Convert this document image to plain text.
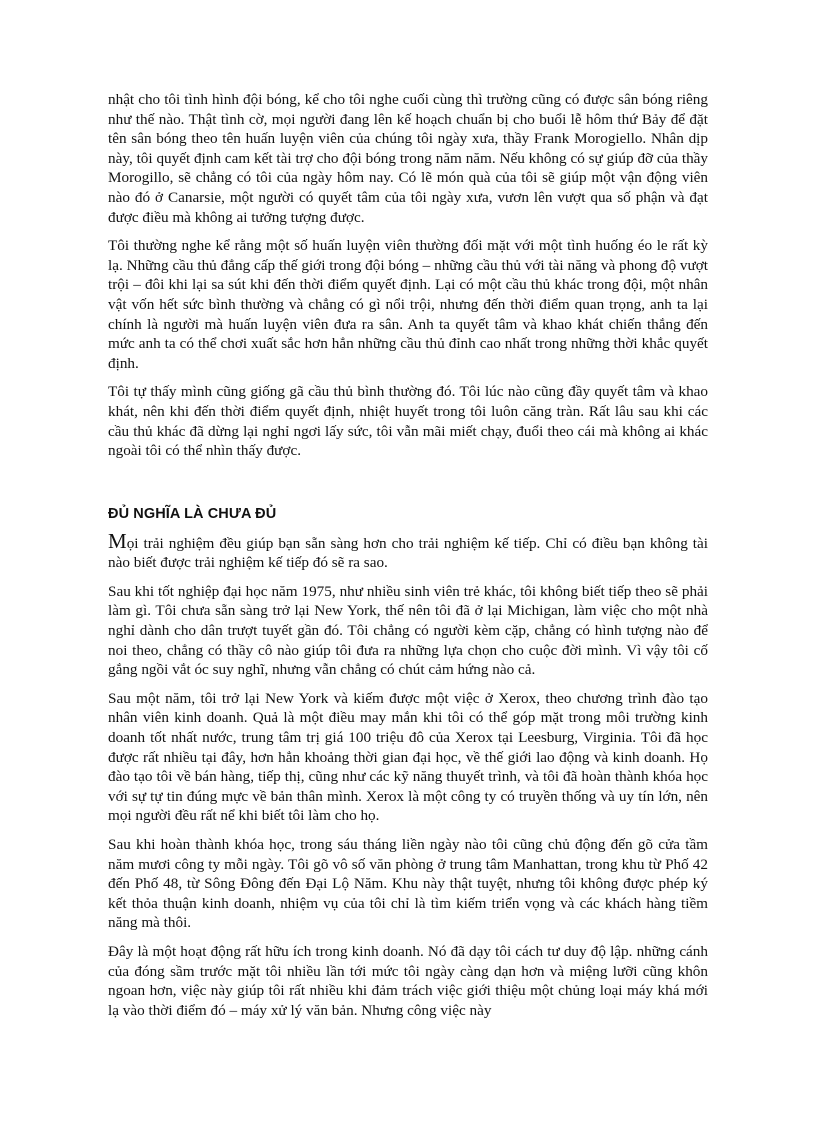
nhật cho tôi tình hình đội bóng, kể cho tôi nghe cuối cùng thì trường cũng có được sân bóng riêng như thế nào. Thật tình cờ, mọi người đang lên kế hoạch chuẩn bị cho buổi lễ hôm thứ Bảy để đặt tên sân bóng theo tên huấn luyện viên của chúng tôi ngày xưa, thầy Frank Morogiello. Nhân dịp này, tôi quyết định cam kết tài trợ cho đội bóng trong năm năm. Nếu không có sự giúp đỡ của thầy Morogillo, sẽ chẳng có tôi của ngày hôm nay. Có lẽ món quà của tôi sẽ giúp một vận động viên nào đó ở Canarsie, một người có quyết tâm của tôi ngày xưa, vươn lên vượt qua số phận và đạt được điều mà không ai tưởng tượng được.

Tôi thường nghe kể rằng một số huấn luyện viên thường đối mặt với một tình huống éo le rất kỳ lạ. Những cầu thủ đẳng cấp thế giới trong đội bóng – những cầu thủ với tài năng và phong độ vượt trội – đôi khi lại sa sút khi đến thời điểm quyết định. Lại có một cầu thủ khác trong đội, một nhân vật vốn hết sức bình thường và chẳng có gì nổi trội, nhưng đến thời điểm quan trọng, anh ta lại chính là người mà huấn luyện viên đưa ra sân. Anh ta quyết tâm và khao khát chiến thắng đến mức anh ta có thể chơi xuất sắc hơn hẳn những cầu thủ đỉnh cao nhất trong những thời khắc quyết định.

Tôi tự thấy mình cũng giống gã cầu thủ bình thường đó. Tôi lúc nào cũng đầy quyết tâm và khao khát, nên khi đến thời điểm quyết định, nhiệt huyết trong tôi luôn căng tràn. Rất lâu sau khi các cầu thủ khác đã dừng lại nghỉ ngơi lấy sức, tôi vẫn mãi miết chạy, đuổi theo cái mà không ai khác ngoài tôi có thể nhìn thấy được.

ĐỦ NGHĨA LÀ CHƯA ĐỦ

Mọi trải nghiệm đều giúp bạn sẵn sàng hơn cho trải nghiệm kế tiếp. Chỉ có điều bạn không tài nào biết được trải nghiệm kế tiếp đó sẽ ra sao.

Sau khi tốt nghiệp đại học năm 1975, như nhiều sinh viên trẻ khác, tôi không biết tiếp theo sẽ phải làm gì. Tôi chưa sẵn sàng trở lại New York, thế nên tôi đã ở lại Michigan, làm việc cho một nhà nghỉ dành cho dân trượt tuyết gần đó. Tôi chẳng có người kèm cặp, chẳng có hình tượng nào để noi theo, chẳng có thầy cô nào giúp tôi đưa ra những lựa chọn cho cuộc đời mình. Vì vậy tôi cố gắng ngồi vắt óc suy nghĩ, nhưng vẫn chẳng có chút cảm hứng nào cả.

Sau một năm, tôi trở lại New York và kiếm được một việc ở Xerox, theo chương trình đào tạo nhân viên kinh doanh. Quả là một điều may mắn khi tôi có thể góp mặt trong môi trường kinh doanh tốt nhất nước, trung tâm trị giá 100 triệu đô của Xerox tại Leesburg, Virginia. Tôi đã học được rất nhiều tại đây, hơn hẳn khoảng thời gian đại học, về thế giới lao động và kinh doanh. Họ đào tạo tôi về bán hàng, tiếp thị, cũng như các kỹ năng thuyết trình, và tôi đã hoàn thành khóa học với sự tự tin đúng mực về bản thân mình. Xerox là một công ty có truyền thống và uy tín lớn, nên mọi người đều rất nể khi biết tôi làm cho họ.

Sau khi hoàn thành khóa học, trong sáu tháng liền ngày nào tôi cũng chủ động đến gõ cửa tầm năm mươi công ty mỗi ngày. Tôi gõ vô số văn phòng ở trung tâm Manhattan, trong khu từ Phố 42 đến Phố 48, từ Sông Đông đến Đại Lộ Năm. Khu này thật tuyệt, nhưng tôi không được phép ký kết thỏa thuận kinh doanh, nhiệm vụ của tôi chỉ là tìm kiếm triển vọng và các khách hàng tiềm năng mà thôi.

Đây là một hoạt động rất hữu ích trong kinh doanh. Nó đã dạy tôi cách tư duy độ lập. những cánh của đóng sầm trước mặt tôi nhiều lần tới mức tôi ngày càng dạn hơn và miệng lưỡi cũng khôn ngoan hơn, việc này giúp tôi rất nhiều khi đảm trách việc giới thiệu một chủng loại máy khá mới lạ vào thời điểm đó – máy xử lý văn bản. Nhưng công việc này
